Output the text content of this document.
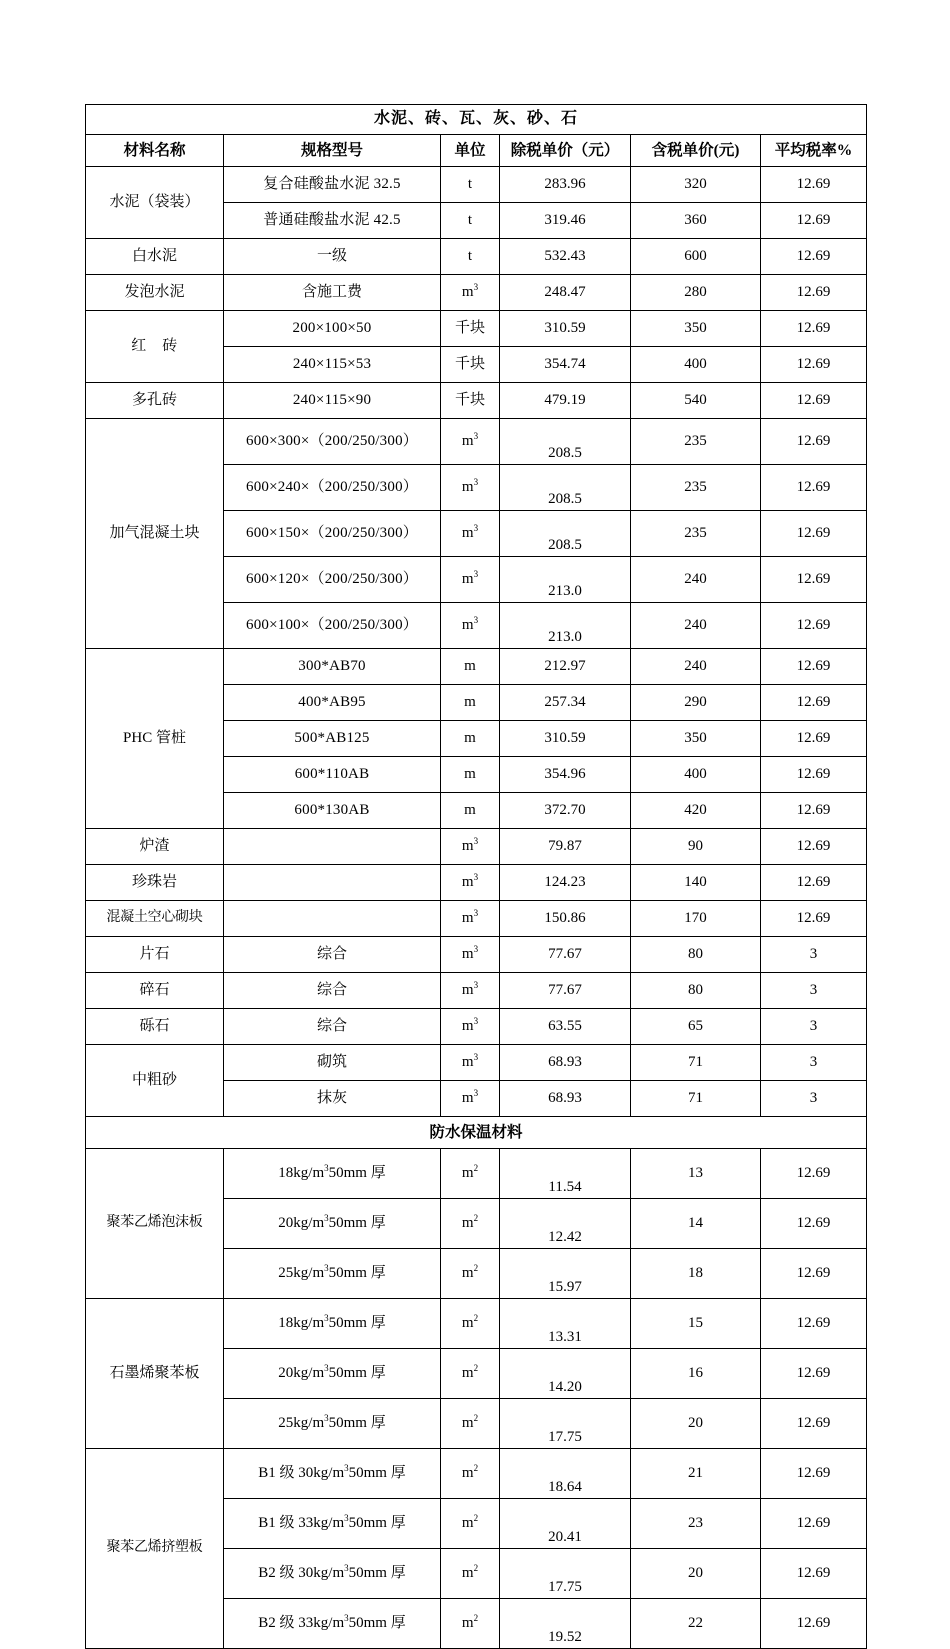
水泥、砖、瓦、灰、砂、石					
材料名称	规格型号	单位	除税单价（元）	含税单价(元)	平均税率%
水泥（袋装）	复合硅酸盐水泥 32.5	t	283.96	320	12.69
	普通硅酸盐水泥 42.5	t	319.46	360	12.69
白水泥	一级	t	532.43	600	12.69
发泡水泥	含施工费	$m^3$	248.47	280	12.69
红　砖	200×100×50	千块	310.59	350	12.69
	240×115×53	千块	354.74	400	12.69
多孔砖	240×115×90	千块	479.19	540	12.69
加气混凝土块	600×300×（200/250/300）	$m^3$	208.5	235	12.69
	600×240×（200/250/300）	$m^3$	208.5	235	12.69
	600×150×（200/250/300）	$m^3$	208.5	235	12.69
	600×120×（200/250/300）	$m^3$	213.0	240	12.69
	600×100×（200/250/300）	$m^3$	213.0	240	12.69
PHC 管桩	300*AB70	m	212.97	240	12.69
	400*AB95	m	257.34	290	12.69
	500*AB125	m	310.59	350	12.69
	600*110AB	m	354.96	400	12.69
	600*130AB	m	372.70	420	12.69
炉渣		$m^3$	79.87	90	12.69
珍珠岩		$m^3$	124.23	140	12.69
混凝土空心砌块		$m^3$	150.86	170	12.69
片石	综合	$m^3$	77.67	80	3
碎石	综合	$m^3$	77.67	80	3
砾石	综合	$m^3$	63.55	65	3
中粗砂	砌筑	$m^3$	68.93	71	3
	抹灰	$m^3$	68.93	71	3
防水保温材料					
聚苯乙烯泡沫板	$18kg/m^350mm$ 厚	$m^2$	11.54	13	12.69
	$20kg/m^350mm$ 厚	$m^2$	12.42	14	12.69
	$25kg/m^350mm$ 厚	$m^2$	15.97	18	12.69
石墨烯聚苯板	$18kg/m^350mm$ 厚	$m^2$	13.31	15	12.69
	$20kg/m^350mm$ 厚	$m^2$	14.20	16	12.69
	$25kg/m^350mm$ 厚	$m^2$	17.75	20	12.69
聚苯乙烯挤塑板	B1 级 $30kg/m^350mm$ 厚	$m^2$	18.64	21	12.69
	B1 级 $33kg/m^350mm$ 厚	$m^2$	20.41	23	12.69
	B2 级 $30kg/m^350mm$ 厚	$m^2$	17.75	20	12.69
	B2 级 $33kg/m^350mm$ 厚	$m^2$	19.52	22	12.69
